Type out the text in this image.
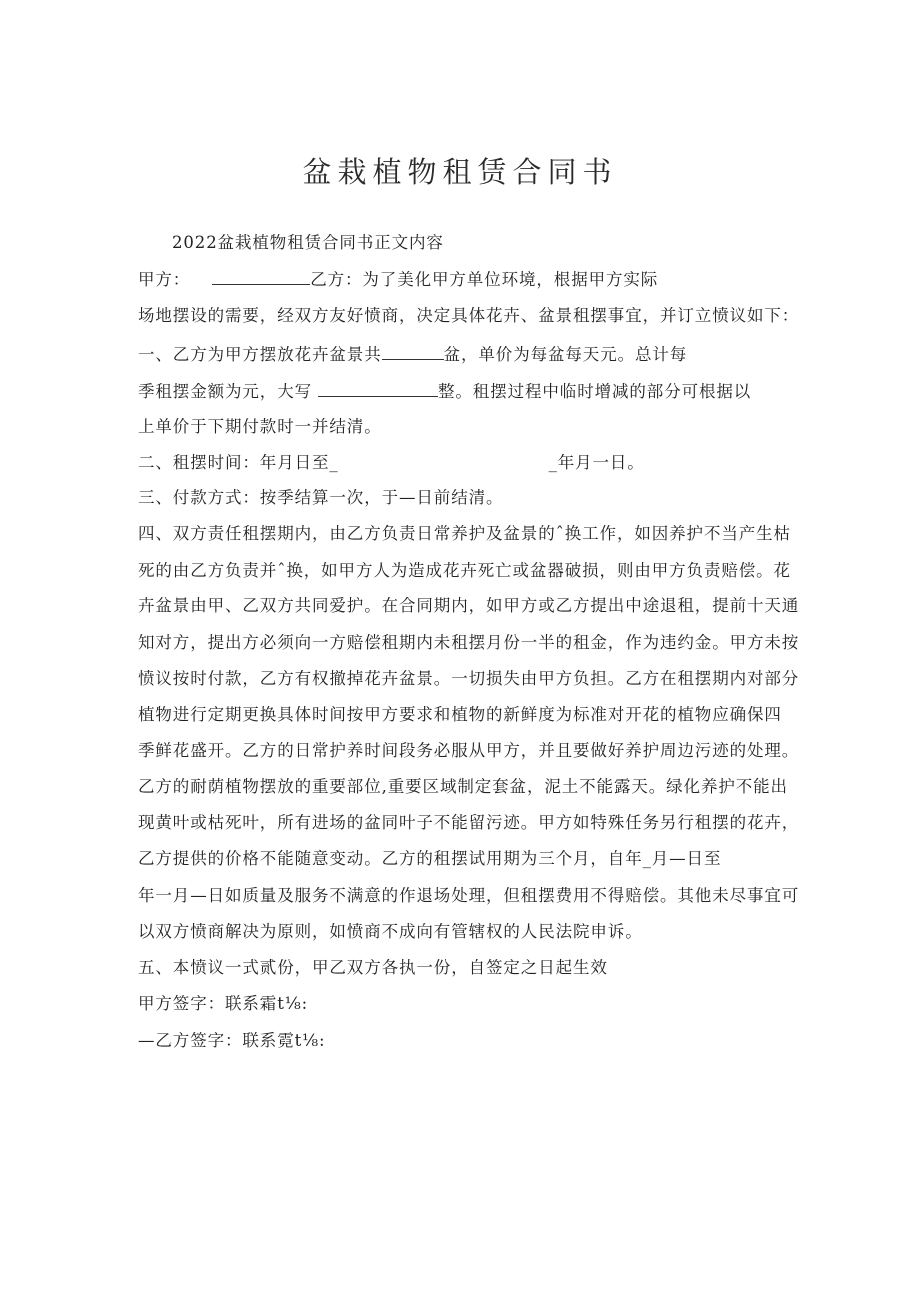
盆栽植物租赁合同书
2022盆栽植物租赁合同书正文内容
甲方：	乙方：为了美化甲方单位环境，根据甲方实际
场地摆设的需要，经双方友好愤商，决定具体花卉、盆景租摆事宜，并订立愤议如下：
一、乙方为甲方摆放花卉盆景共	盆，单价为每盆每天元。总计每
季租摆金额为元，大写	整。租摆过程中临时增减的部分可根据以
上单价于下期付款时一并结清。
二、租摆时间：年月日至_	_年月一日。
三、付款方式：按季结算一次，于—日前结清。
四、双方责任租摆期内，由乙方负责日常养护及盆景的ˆ换工作，如因养护不当产生枯
死的由乙方负责并ˆ换，如甲方人为造成花卉死亡或盆器破损，则由甲方负责赔偿。花
卉盆景由甲、乙双方共同爱护。在合同期内，如甲方或乙方提出中途退租，提前十天通
知对方，提出方必须向一方赔偿租期内未租摆月份一半的租金，作为违约金。甲方未按
愤议按时付款，乙方有权撤掉花卉盆景。一切损失由甲方负担。乙方在租摆期内对部分
植物进行定期更换具体时间按甲方要求和植物的新鲜度为标准对开花的植物应确保四
季鲜花盛开。乙方的日常护养时间段务必服从甲方，并且要做好养护周边污迹的处理。
乙方的耐荫植物摆放的重要部位,重要区域制定套盆，泥土不能露天。绿化养护不能出
现黄叶或枯死叶，所有进场的盆同叶子不能留污迹。甲方如特殊任务另行租摆的花卉，
乙方提供的价格不能随意变动。乙方的租摆试用期为三个月，自年_月—日至
年一月—日如质量及服务不满意的作退场处理，但租摆费用不得赔偿。其他未尽事宜可
以双方愤商解决为原则，如愤商不成向有管辖权的人民法院申诉。
五、本愤议一式贰份，甲乙双方各执一份，自签定之日起生效
甲方签字：联系霜t⅛:
—乙方签字：联系霓t⅛:
